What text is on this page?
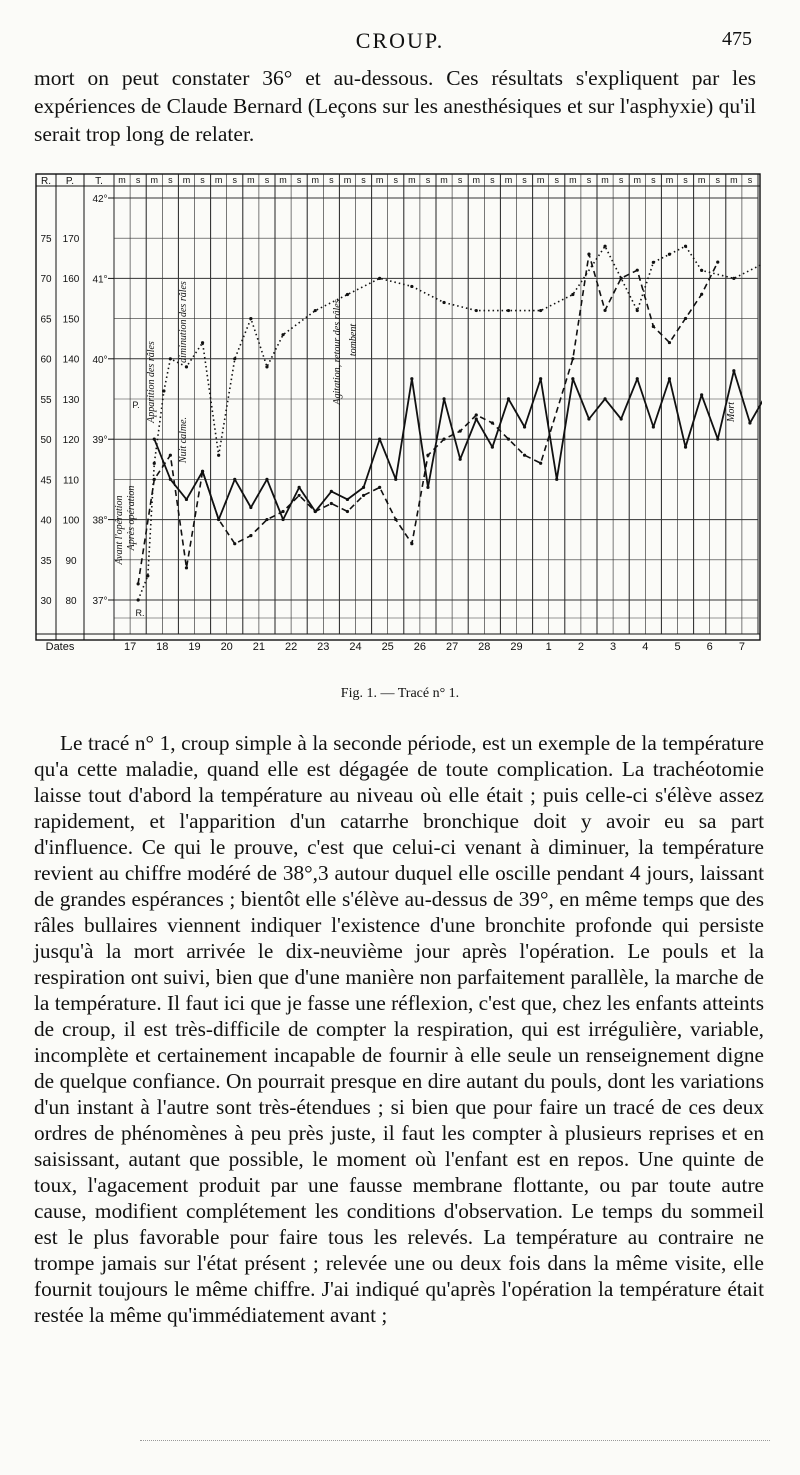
CROUP.	475

mort on peut constater 36° et au-dessous. Ces résultats s'expliquent par les expériences de Claude Bernard (Leçons sur les anesthésiques et sur l'asphyxie) qu'il serait trop long de relater.

R. P. T. m s m s m s m s m s m s m s m s m s m s m s m s m s m s m s m s m s m s m s m s
42°
41°
40°
39°
38°
37°
170
160
150
140
130
120
110
100
90
80
75
70
65
60
55
50
45
40
35
30
Dates	17 18 19 20 21 22 23 24 25 26 27 28 29 1 2 3 4 5 6 7
Avant l'opération Après opération
Apparition des râles
Nuit calme.
diminution des râles	Agitation, retour des râles tombent
Mort
P.
R.
Fig. 1. — Tracé n° 1.

Le tracé n° 1, croup simple à la seconde période, est un exemple de la température qu'a cette maladie, quand elle est dégagée de toute complication. La trachéotomie laisse tout d'abord la température au niveau où elle était ; puis celle-ci s'élève assez rapidement, et l'apparition d'un catarrhe bronchique doit y avoir eu sa part d'influence. Ce qui le prouve, c'est que celui-ci venant à diminuer, la température revient au chiffre modéré de 38°,3 autour duquel elle oscille pendant 4 jours, laissant de grandes espérances ; bientôt elle s'élève au-dessus de 39°, en même temps que des râles bullaires viennent indiquer l'existence d'une bronchite profonde qui persiste jusqu'à la mort arrivée le dix-neuvième jour après l'opération. Le pouls et la respiration ont suivi, bien que d'une manière non parfaitement parallèle, la marche de la température. Il faut ici que je fasse une réflexion, c'est que, chez les enfants atteints de croup, il est très-difficile de compter la respiration, qui est irrégulière, variable, incomplète et certainement incapable de fournir à elle seule un renseignement digne de quelque confiance. On pourrait presque en dire autant du pouls, dont les variations d'un instant à l'autre sont très-étendues ; si bien que pour faire un tracé de ces deux ordres de phénomènes à peu près juste, il faut les compter à plusieurs reprises et en saisissant, autant que possible, le moment où l'enfant est en repos. Une quinte de toux, l'agacement produit par une fausse membrane flottante, ou par toute autre cause, modifient complétement les conditions d'observation. Le temps du sommeil est le plus favorable pour faire tous les relevés. La température au contraire ne trompe jamais sur l'état présent ; relevée une ou deux fois dans la même visite, elle fournit toujours le même chiffre. J'ai indiqué qu'après l'opération la température était restée la même qu'immédiatement avant ;
